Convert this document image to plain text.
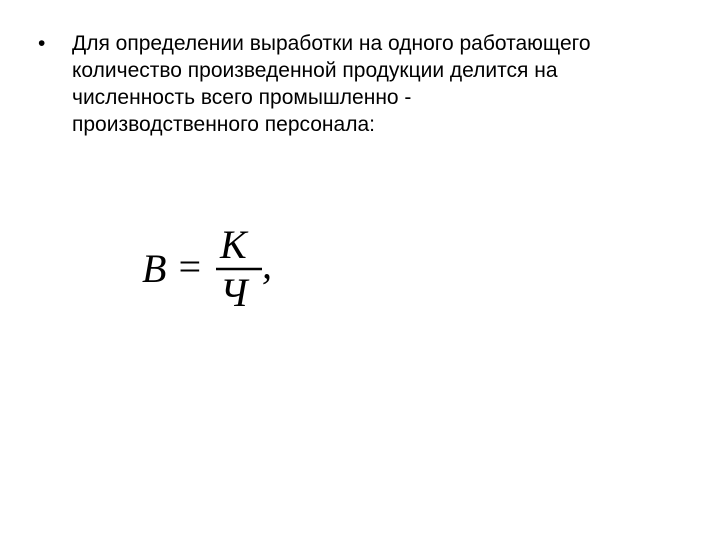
•	Для определении выработки на одного работающего
количество произведенной продукции делится на
численность всего промышленно -
производственного персонала:
В = К
Ч
,
